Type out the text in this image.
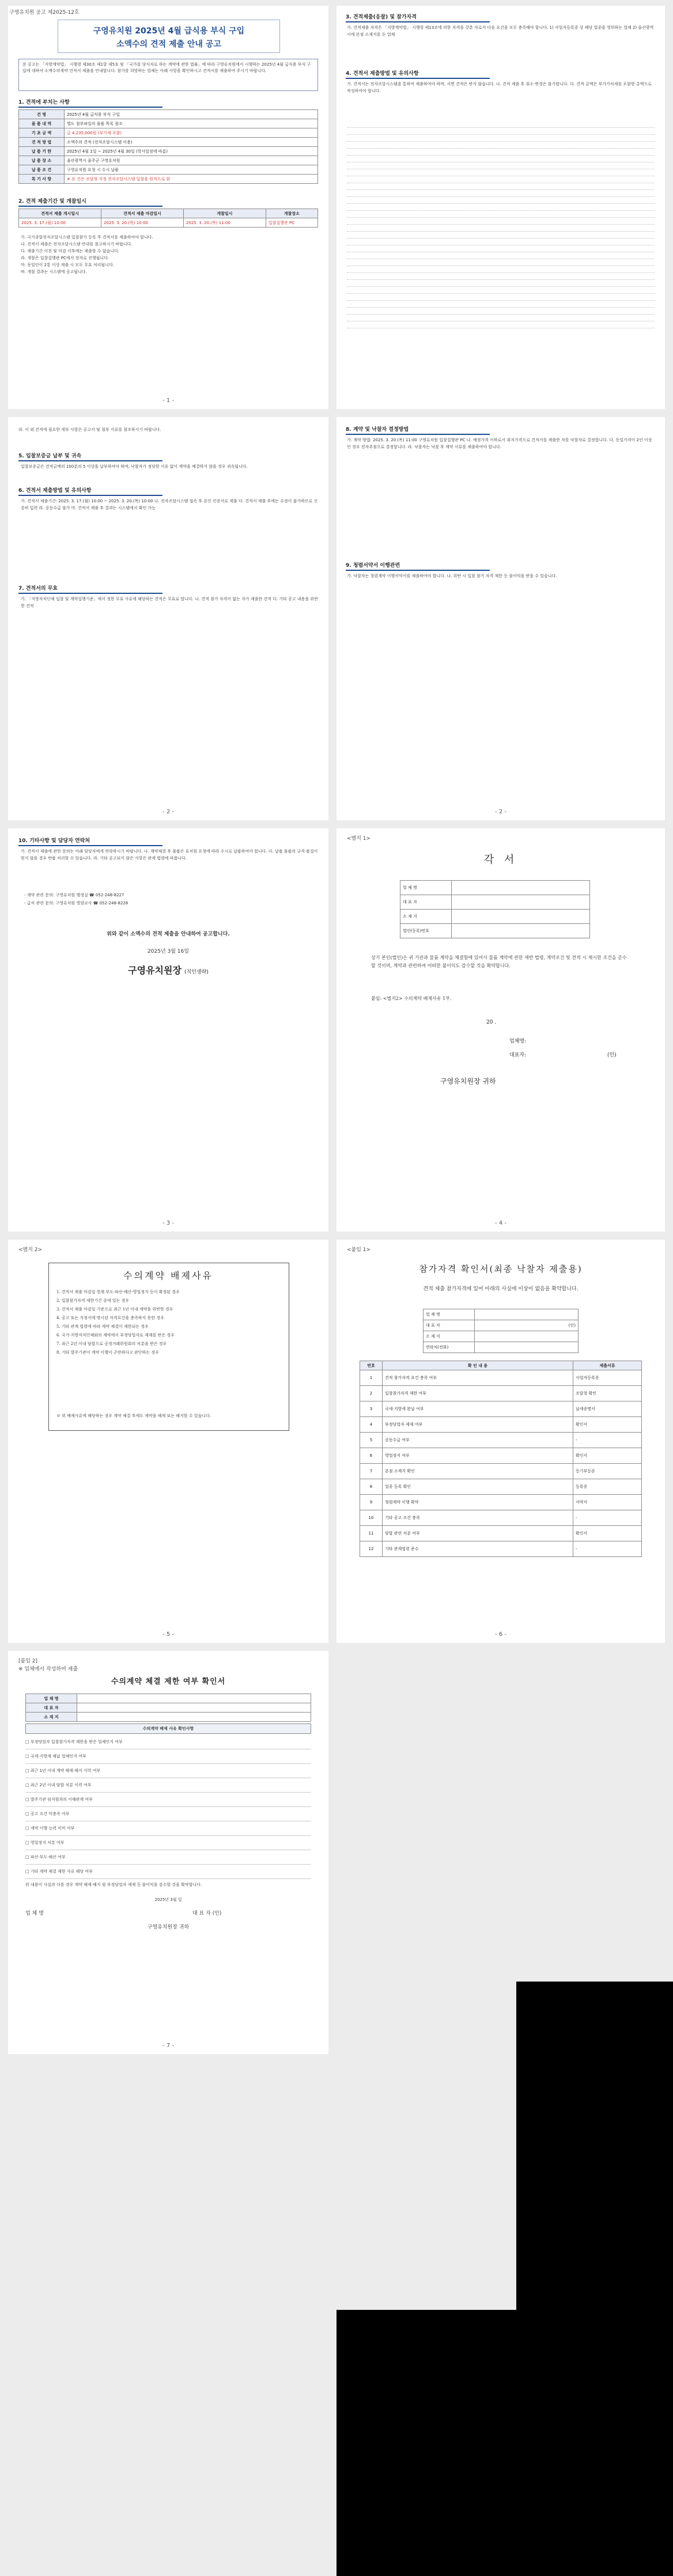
구영유치원 공고 제2025-12호
구영유치원 2025년 4월 급식용 부식 구입
소액수의 견적 제출 안내 공고
본 공고는 「지방계약법」 시행령 제30조 제1항 제5호 및 「국가를 당사자로 하는 계약에 관한 법률」에 따라 구영유치원에서 시행하는 2025년 4월 급식용 부식 구입에 대하여 소액수의계약 견적서 제출을 안내합니다. 참가를 희망하는 업체는 아래 사항을 확인하시고 견적서를 제출하여 주시기 바랍니다.
1. 견적에 부치는 사항
건 명	2025년 4월 급식용 부식 구입
물 품 내 역	별도 첨부파일의 물품 목록 참조
기 초 금 액	금 4,235,000원 (부가세 포함)
견 적 방 법	소액수의 견적 (전자조달시스템 이용)
납 품 기 한	2025년 4월 1일 ~ 2025년 4월 30일 (학사일정에 따름)
납 품 장 소	울산광역시 울주군 구영유치원
납 품 조 건	구영유치원 요청 시 수시 납품
특 기 사 항	※ 본 건은 조달청 지정 전자조달시스템 입찰을 원칙으로 함
2. 견적 제출기간 및 개찰일시
견적서 제출 개시일시	견적서 제출 마감일시	개찰일시	개찰장소
2025. 3. 17.(월) 10:00	2025. 3. 20.(목) 10:00	2025. 3. 20.(목) 11:00	입찰집행관 PC
가. 국가종합전자조달시스템 입찰참가 등록 후 견적서를 제출하여야 합니다.
나. 견적서 제출은 전자조달시스템 안내를 참고하시기 바랍니다.
다. 제출기간 이전 및 마감 이후에는 제출할 수 없습니다.
라. 개찰은 입찰집행관 PC에서 전자로 진행됩니다.
마. 동일인이 2통 이상 제출 시 모두 무효 처리됩니다.
바. 개찰 결과는 시스템에 공고됩니다.
- 1 -
3. 견적제출(응찰) 및 참가자격
가. 견적제출 자격은 「지방계약법」 시행령 제13조에 의한 자격을 갖춘 자로서 다음 요건을 모두 충족해야 합니다. 1) 사업자등록증 상 해당 업종을 영위하는 업체 2) 울산광역시에 본점 소재지를 둔 업체
4. 견적서 제출방법 및 유의사항
가. 견적서는 전자조달시스템을 통하여 제출하여야 하며, 서면 견적은 받지 않습니다. 나. 견적 제출 후 취소·변경은 불가합니다. 다. 견적 금액은 부가가치세를 포함한 총액으로 작성하여야 합니다.
라. 이 외 견적에 필요한 세부 사항은 공고서 및 첨부 서류를 참조하시기 바랍니다.
5. 입찰보증금 납부 및 귀속
입찰보증금은 견적금액의 100분의 5 이상을 납부하여야 하며, 낙찰자가 정당한 이유 없이 계약을 체결하지 않을 경우 귀속됩니다.
6. 견적서 제출방법 및 유의사항
가. 견적서 제출기간: 2025. 3. 17.(월) 10:00 ~ 2025. 3. 20.(목) 10:00 나. 전자조달시스템 접속 후 본인 인증서로 제출 다. 견적서 제출 후에는 수정이 불가하므로 신중히 입력 라. 공동수급 불가 마. 견적서 제출 후 결과는 시스템에서 확인 가능
7. 견적서의 무효
가. 「지방자치단체 입찰 및 계약집행기준」에서 정한 무효 사유에 해당하는 견적은 무효로 합니다. 나. 견적 참가 자격이 없는 자가 제출한 견적 다. 기타 공고 내용을 위반한 견적
- 2 -
8. 계약 및 낙찰자 결정방법
가. 계약 방법: 2025. 3. 20.(목) 11:00 구영유치원 입찰집행관 PC 나. 예정가격 이하로서 최저가격으로 견적서를 제출한 자를 낙찰자로 결정합니다. 다. 동일가격이 2인 이상인 경우 전자추첨으로 결정합니다. 라. 낙찰자는 낙찰 후 계약 서류를 제출하여야 합니다.
9. 청렴서약서 이행관련
가. 낙찰자는 청렴계약 이행서약서를 제출하여야 합니다. 나. 위반 시 입찰 참가 자격 제한 등 불이익을 받을 수 있습니다.
- 2 -
10. 기타사항 및 담당자 연락처
가. 견적서 제출에 관한 문의는 아래 담당자에게 연락하시기 바랍니다. 나. 계약체결 후 물품은 유치원 요청에 따라 수시로 납품하여야 합니다. 다. 납품 물품의 규격·품질이 맞지 않을 경우 반품 처리할 수 있습니다. 라. 기타 공고되지 않은 사항은 관계 법령에 따릅니다.
- 계약 관련 문의: 구영유치원 행정실 ☎ 052-248-8227
- 급식 관련 문의: 구영유치원 영양교사 ☎ 052-248-8228
위와 같이 소액수의 견적 제출을 안내하여 공고합니다.
2025년 3월 16일
구영유치원장 (직인생략)
- 3 -
<별지 1>
각 서
업 체 명	
대 표 자	
소 재 지	
법인(등록)번호	
상기 본인(법인)은 귀 기관과 물품 계약을 체결함에 있어서 물품 계약에 관한 제반 법령, 계약조건 및 견적 시 제시한 조건을 준수할 것이며, 계약과 관련하여 어떠한 불이익도 감수할 것을 확약합니다.
붙임: <별지2> 수의계약 배제사유 1부.
20 .
업체명:
대표자:	(인)
구영유치원장 귀하
- 4 -
<별지 2>
수의계약 배제사유
1. 견적서 제출 마감일 현재 부도·파산·해산·영업정지 등이 확정된 경우
2. 입찰참가자격 제한기간 중에 있는 경우
3. 견적서 제출 마감일 기준으로 최근 1년 이내 계약을 위반한 경우
4. 공고 또는 지정서에 명시된 자격요건을 충족하지 못한 경우
5. 기타 관계 법령에 따라 계약 체결이 제한되는 경우
6. 국가·지방자치단체와의 계약에서 부정당업자로 제재를 받은 경우
7. 최근 2년 이내 담합으로 공정거래위원회의 처분을 받은 경우
8. 기타 발주기관이 계약 이행이 곤란하다고 판단하는 경우
※ 위 배제사유에 해당하는 경우 계약 체결 후에도 계약을 해제 또는 해지할 수 있습니다.
- 5 -
<붙임 1>
참가자격 확인서(최종 낙찰자 제출용)
견적 제출 참가자격에 있어 아래의 사실에 이상이 없음을 확약합니다.
업 체 명	
대 표 자	(인)
소 재 지	
연락처(전화)	
번호	확 인 내 용	제출서류
1	견적 참가자격 요건 충족 여부	사업자등록증
2	입찰참가자격 제한 여부	조달청 확인
3	국세·지방세 완납 여부	납세증명서
4	부정당업자 제재 여부	확인서
5	공동수급 여부	-
6	영업정지 여부	확인서
7	본점 소재지 확인	등기부등본
8	업종 등록 확인	등록증
9	청렴계약 이행 확약	서약서
10	기타 공고 조건 충족	-
11	담합 관련 처분 여부	확인서
12	기타 관계법령 준수	-
- 6 -
[붙임 2]
※ 업체에서 작성하여 제출
수의계약 체결 제한 여부 확인서
업 체 명	
대 표 자	
소 재 지	
수의계약 배제 사유 확인사항
□ 부정당업자 입찰참가자격 제한을 받은 업체인지 여부
□ 국세·지방세 체납 업체인지 여부
□ 최근 1년 이내 계약 해제·해지 이력 여부
□ 최근 2년 이내 담합 처분 이력 여부
□ 발주기관 임직원과의 이해관계 여부
□ 공고 조건 미충족 여부
□ 계약 이행 능력 미비 여부
□ 영업정지 처분 여부
□ 파산·부도·해산 여부
□ 기타 계약 체결 제한 사유 해당 여부
위 내용이 사실과 다를 경우 계약 해제·해지 및 부정당업자 제재 등 불이익을 감수할 것을 확약합니다.
2025년 3월 일
업 체 명	대 표 자 (인)
구영유치원장 귀하
- 7 -
